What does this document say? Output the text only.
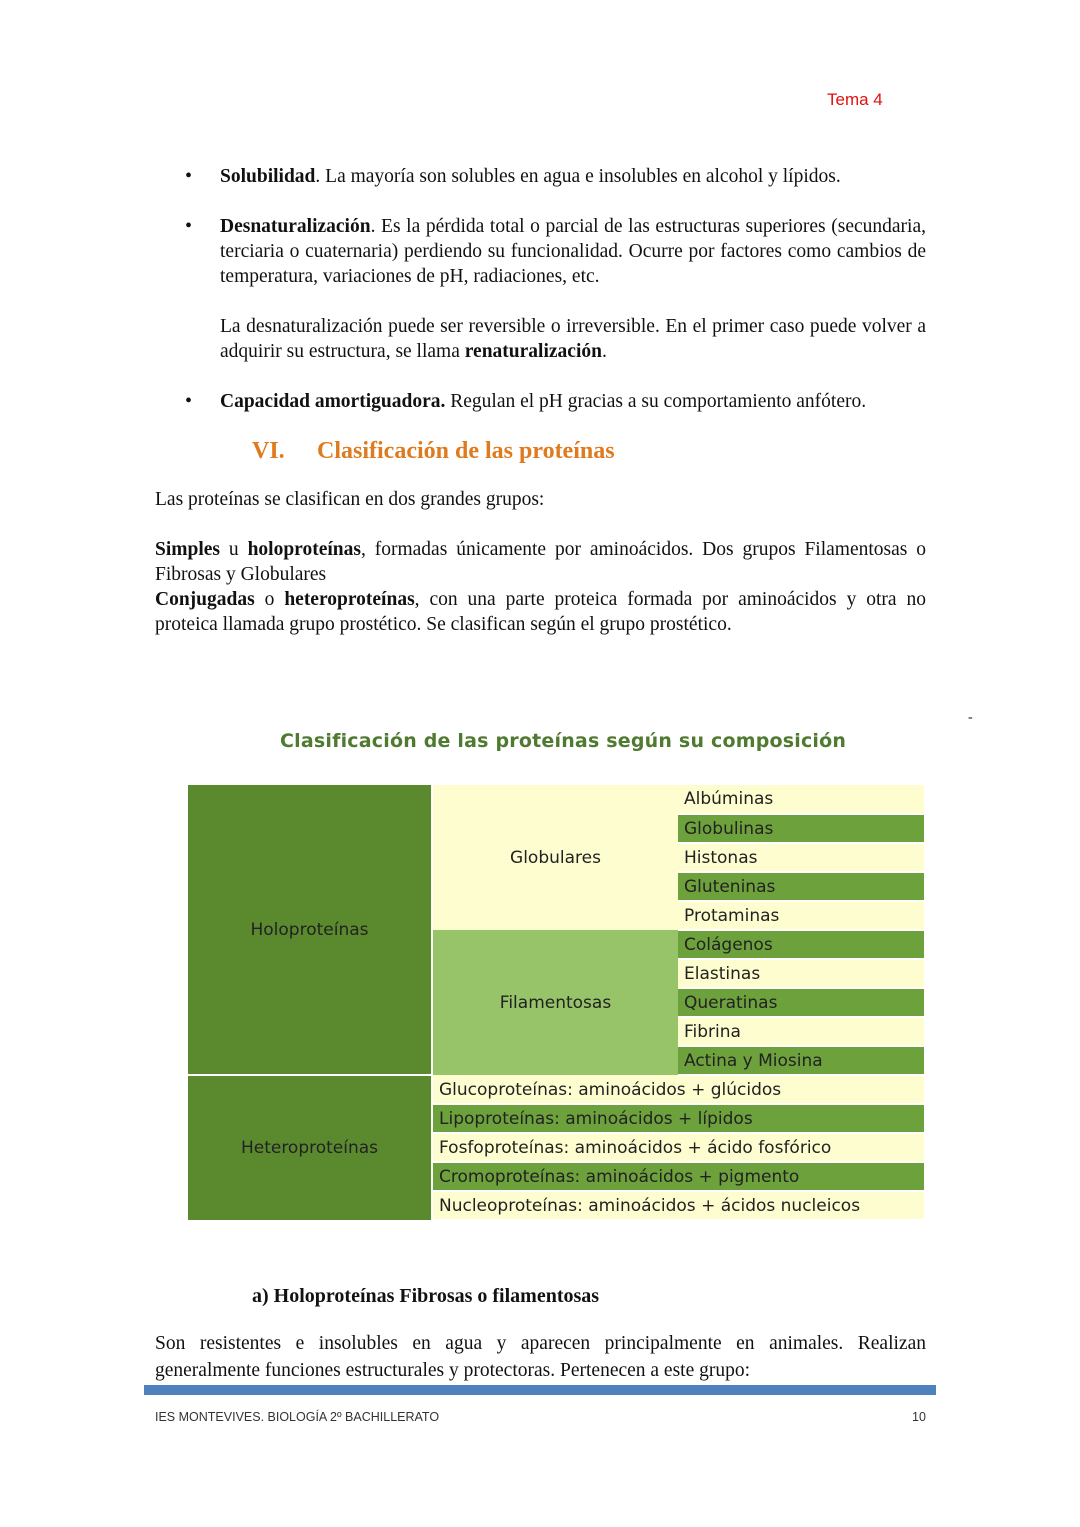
Tema 4

• Solubilidad. La mayoría son solubles en agua e insolubles en alcohol y lípidos.

• Desnaturalización. Es la pérdida total o parcial de las estructuras superiores (secundaria, terciaria o cuaternaria) perdiendo su funcionalidad. Ocurre por factores como cambios de temperatura, variaciones de pH, radiaciones, etc.

La desnaturalización puede ser reversible o irreversible. En el primer caso puede volver a adquirir su estructura, se llama renaturalización.

• Capacidad amortiguadora. Regulan el pH gracias a su comportamiento anfótero.

VI. Clasificación de las proteínas

Las proteínas se clasifican en dos grandes grupos:

Simples u holoproteínas, formadas únicamente por aminoácidos. Dos grupos Filamentosas o Fibrosas y Globulares

Conjugadas o heteroproteínas, con una parte proteica formada por aminoácidos y otra no proteica llamada grupo prostético. Se clasifican según el grupo prostético.

-
Clasificación de las proteínas según su composición
Holoproteínas	Globulares	Albúminas
		Globulinas
		Histonas
		Gluteninas
		Protaminas
	Filamentosas	Colágenos
		Elastinas
		Queratinas
		Fibrina
		Actina y Miosina
Heteroproteínas	Glucoproteínas: aminoácidos + glúcidos	
	Lipoproteínas: aminoácidos + lípidos	
	Fosfoproteínas: aminoácidos + ácido fosfórico	
	Cromoproteínas: aminoácidos + pigmento	
	Nucleoproteínas: aminoácidos + ácidos nucleicos	

a) Holoproteínas Fibrosas o filamentosas

Son resistentes e insolubles en agua y aparecen principalmente en animales. Realizan generalmente funciones estructurales y protectoras. Pertenecen a este grupo:

IES MONTEVIVES. BIOLOGÍA 2º BACHILLERATO	10
